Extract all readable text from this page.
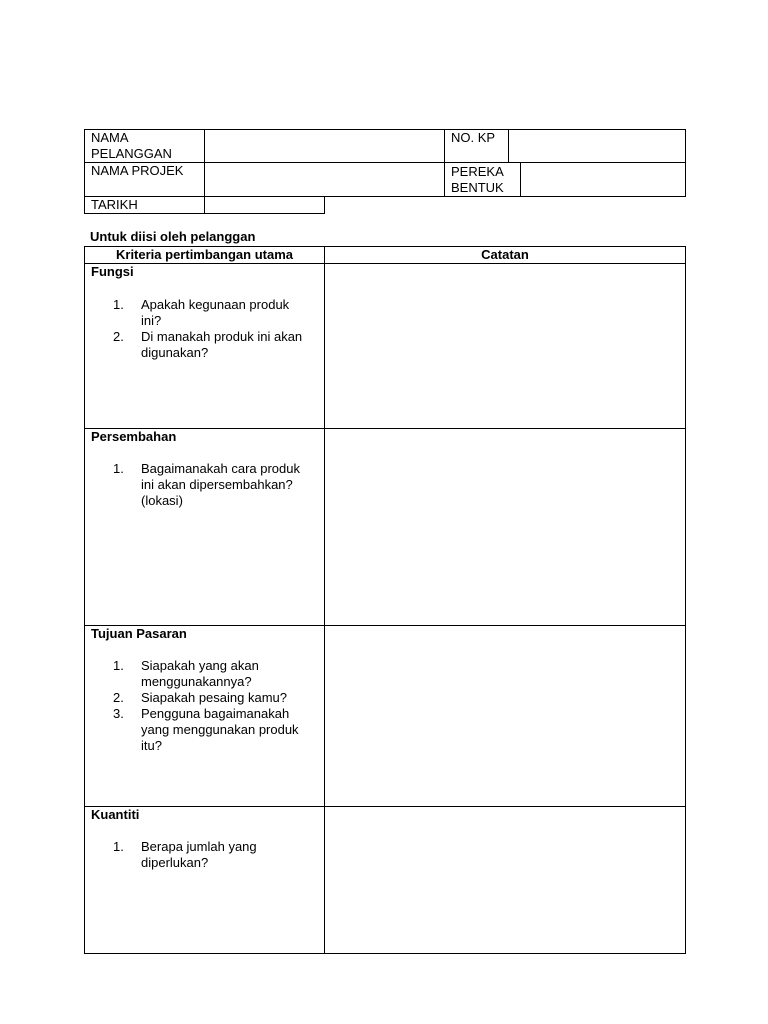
NAMA PELANGGAN
NO. KP
NAMA PROJEK	PEREKA BENTUK
TARIKH
Untuk diisi oleh pelanggan
Kriteria pertimbangan utama	Catatan
Fungsi
1. Apakah kegunaan produk ini?
2. Di manakah produk ini akan digunakan?
Persembahan
1. Bagaimanakah cara produk ini akan dipersembahkan? (lokasi)
Tujuan Pasaran
1. Siapakah yang akan menggunakannya?
2. Siapakah pesaing kamu?
3. Pengguna bagaimanakah yang menggunakan produk itu?
Kuantiti
1. Berapa jumlah yang diperlukan?
